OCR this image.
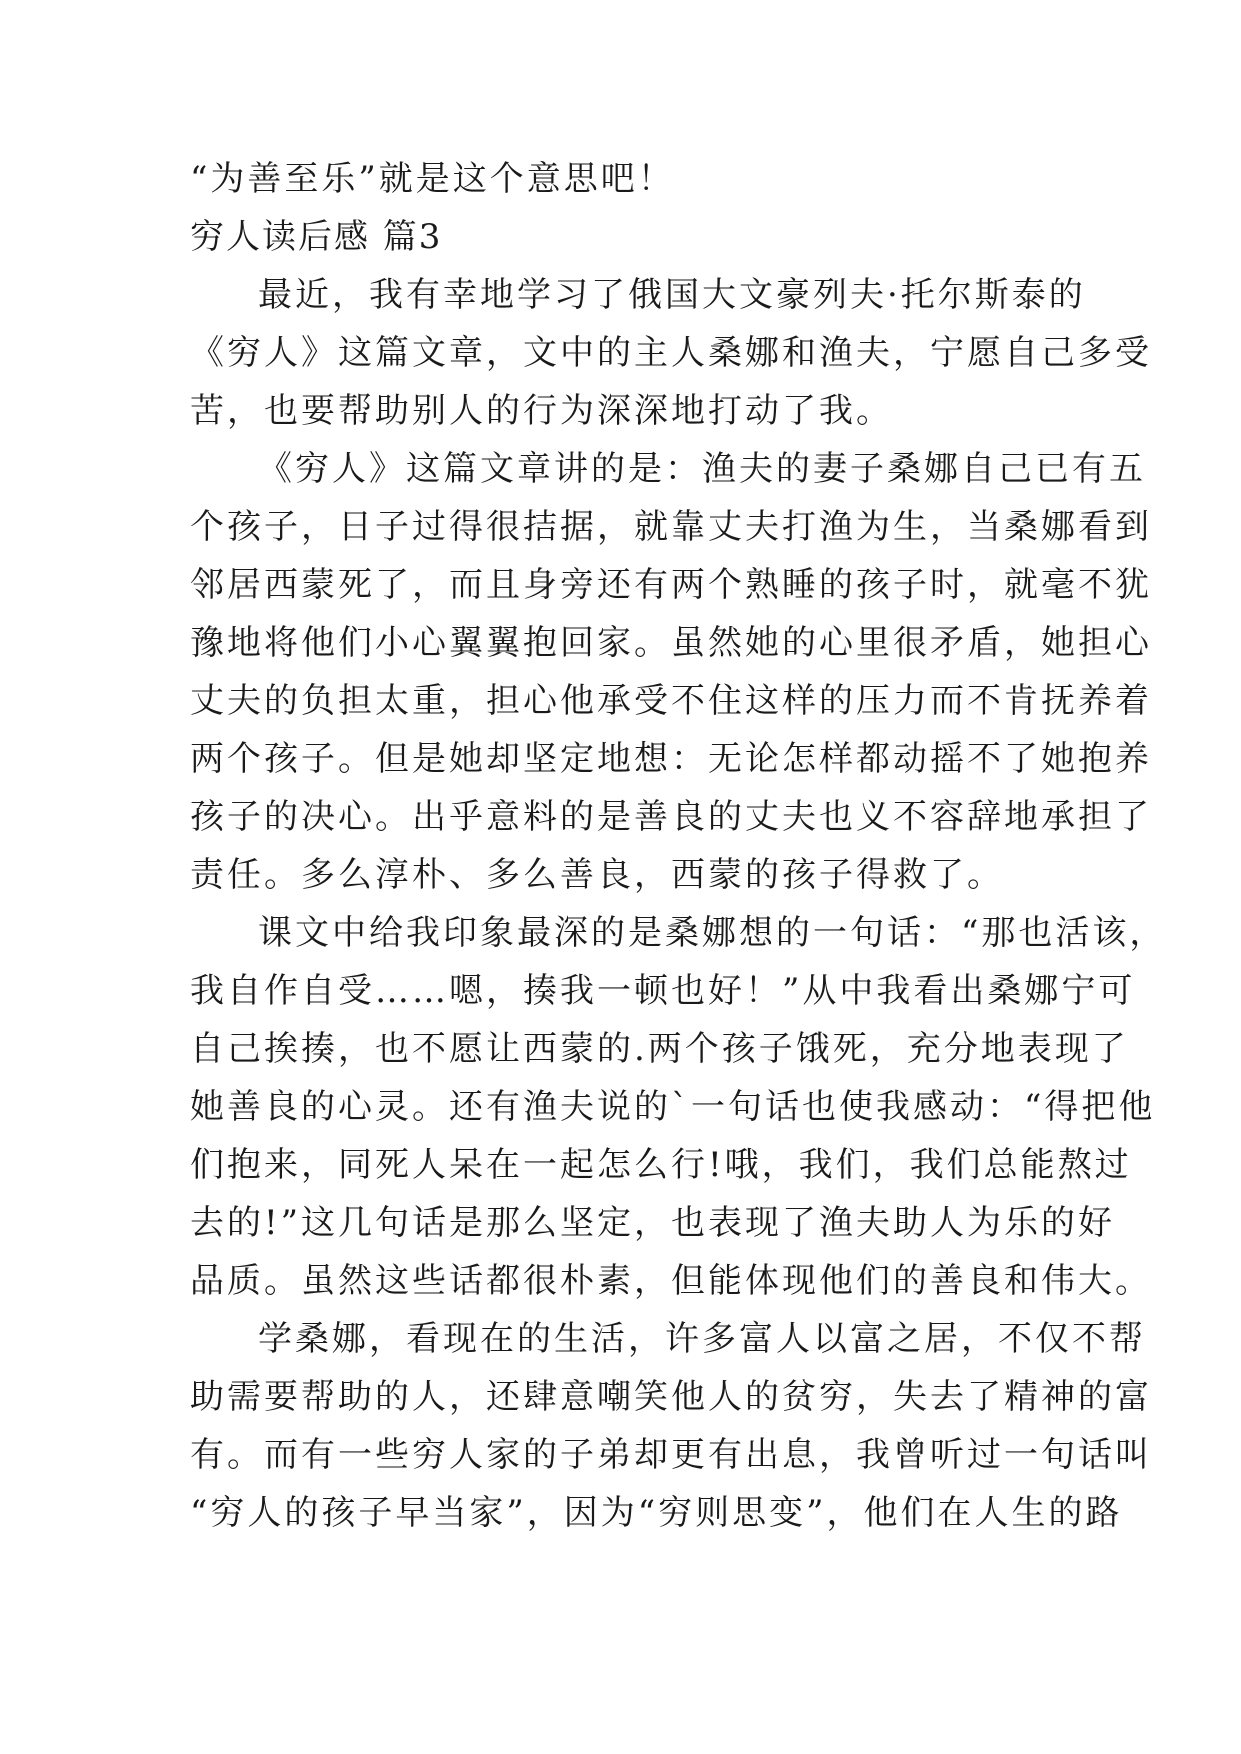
“为善至乐”就是这个意思吧！
穷人读后感 篇3
最近，我有幸地学习了俄国大文豪列夫·托尔斯泰的
《穷人》这篇文章，文中的主人桑娜和渔夫，宁愿自己多受
苦，也要帮助别人的行为深深地打动了我。
《穷人》这篇文章讲的是：渔夫的妻子桑娜自己已有五
个孩子，日子过得很拮据，就靠丈夫打渔为生，当桑娜看到
邻居西蒙死了，而且身旁还有两个熟睡的孩子时，就毫不犹
豫地将他们小心翼翼抱回家。虽然她的心里很矛盾，她担心
丈夫的负担太重，担心他承受不住这样的压力而不肯抚养着
两个孩子。但是她却坚定地想：无论怎样都动摇不了她抱养
孩子的决心。出乎意料的是善良的丈夫也义不容辞地承担了
责任。多么淳朴、多么善良，西蒙的孩子得救了。
课文中给我印象最深的是桑娜想的一句话：“那也活该，
我自作自受……嗯，揍我一顿也好！”从中我看出桑娜宁可
自己挨揍，也不愿让西蒙的.两个孩子饿死，充分地表现了
她善良的心灵。还有渔夫说的`一句话也使我感动：“得把他
们抱来，同死人呆在一起怎么行!哦，我们，我们总能熬过
去的!”这几句话是那么坚定，也表现了渔夫助人为乐的好
品质。虽然这些话都很朴素，但能体现他们的善良和伟大。
学桑娜，看现在的生活，许多富人以富之居，不仅不帮
助需要帮助的人，还肆意嘲笑他人的贫穷，失去了精神的富
有。而有一些穷人家的子弟却更有出息，我曾听过一句话叫
“穷人的孩子早当家”，因为“穷则思变”，他们在人生的路
